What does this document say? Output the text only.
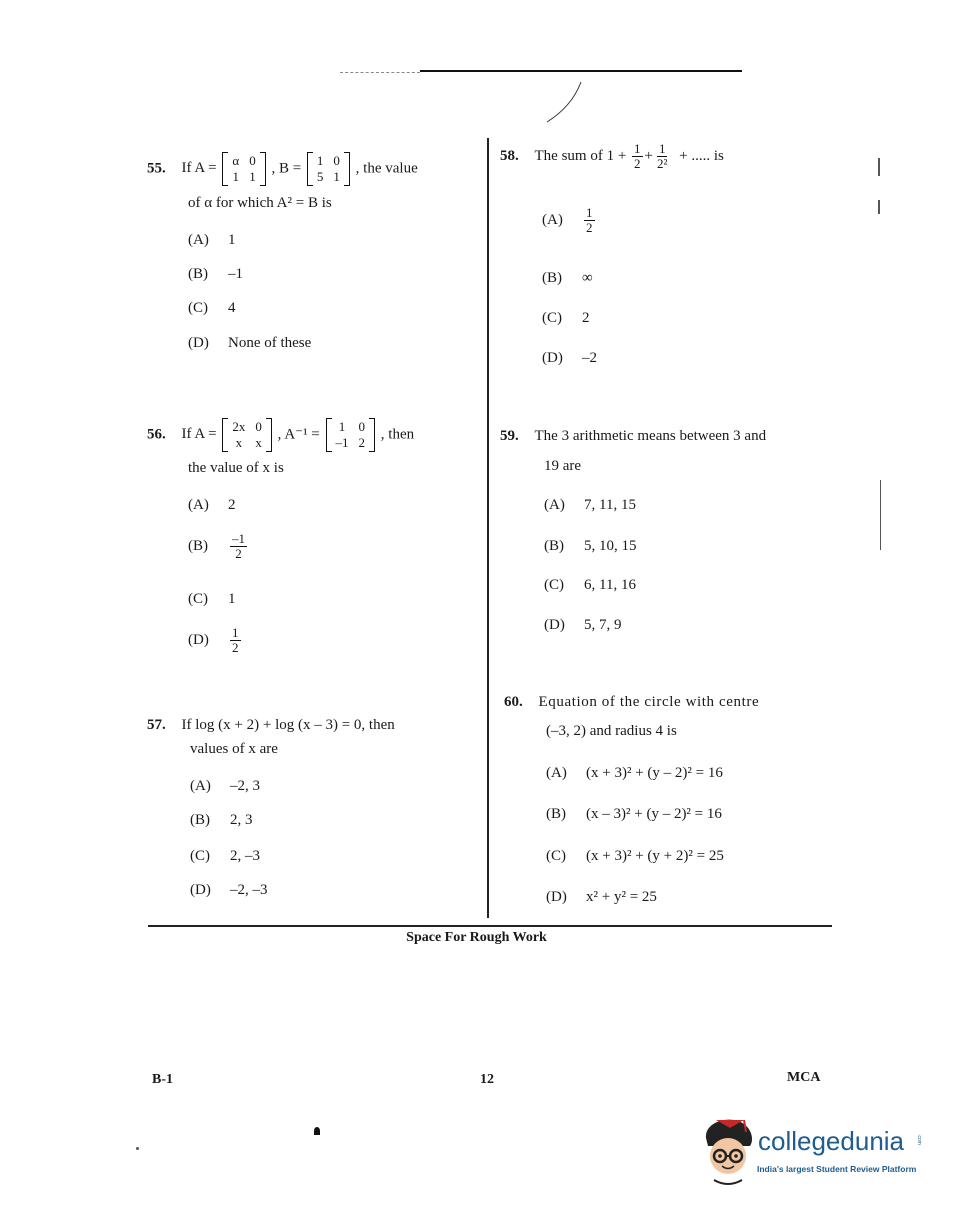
55. If A = α 0
1 1
, B = 1 0
5 1
, the value
of α for which A² = B is
(A) 1
(B) –1
(C) 4
(D) None of these
56. If A = 2x 0
x x
, A⁻¹ = 1 0
–1 2
, then
the value of x is
(A) 2
$(B) \frac{-1}{2}$
(C) 1
$(D) \frac{1}{2}$
57. If log (x + 2) + log (x – 3) = 0, then
values of x are
(A) –2, 3
(B) 2, 3
(C) 2, –3
(D) –2, –3
58. The sum of $1 + \frac{1}{2} + \frac{1}{\text{2²}}$ + ..... is
$(A) \frac{1}{2}$
(B) ∞
(C) 2
(D) –2
59. The 3 arithmetic means between 3 and
19 are
(A) 7, 11, 15
(B) 5, 10, 15
(C) 6, 11, 16
(D) 5, 7, 9
60. Equation of the circle with centre
(–3, 2) and radius 4 is
(A) (x + 3)² + (y – 2)² = 16
(B) (x – 3)² + (y – 2)² = 16
(C) (x + 3)² + (y + 2)² = 25
(D) x² + y² = 25
Space For Rough Work
B-1	12	MCA
collegedunia .com
India's largest Student Review Platform
